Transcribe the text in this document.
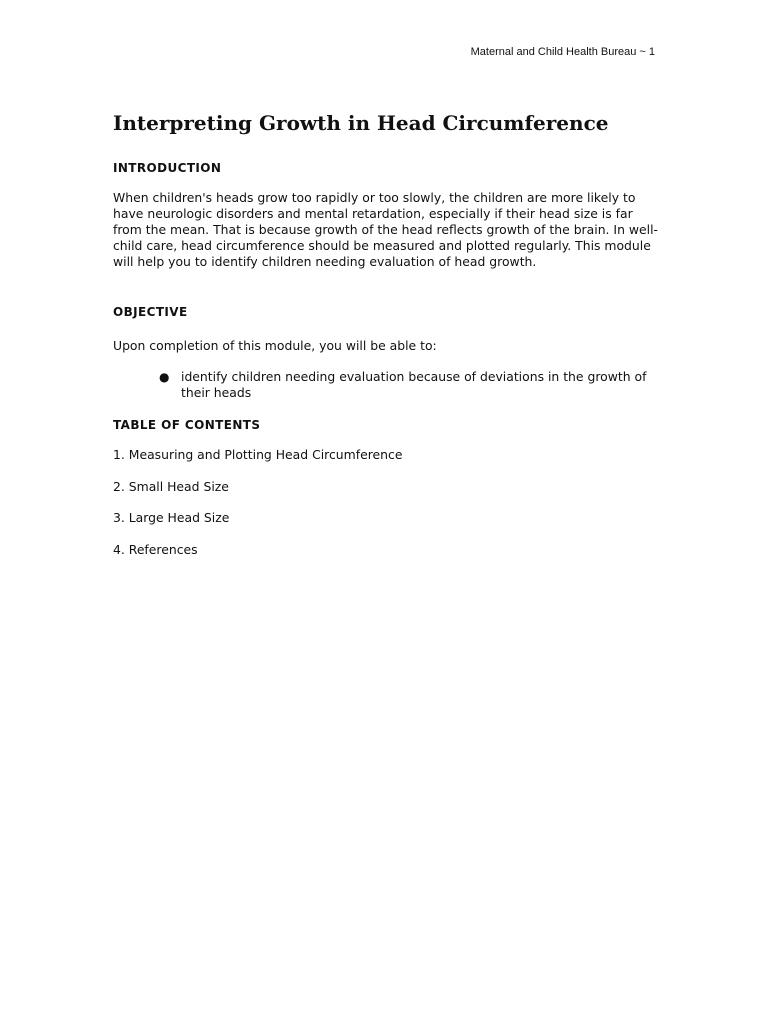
Maternal and Child Health Bureau ~ 1
Interpreting Growth in Head Circumference
INTRODUCTION

When children's heads grow too rapidly or too slowly, the children are more likely to have neurologic disorders and mental retardation, especially if their head size is far from the mean. That is because growth of the head reflects growth of the brain. In well-child care, head circumference should be measured and plotted regularly. This module will help you to identify children needing evaluation of head growth.

OBJECTIVE

Upon completion of this module, you will be able to:

● identify children needing evaluation because of deviations in the growth of their heads
TABLE OF CONTENTS
1. Measuring and Plotting Head Circumference
2. Small Head Size
3. Large Head Size
4. References
